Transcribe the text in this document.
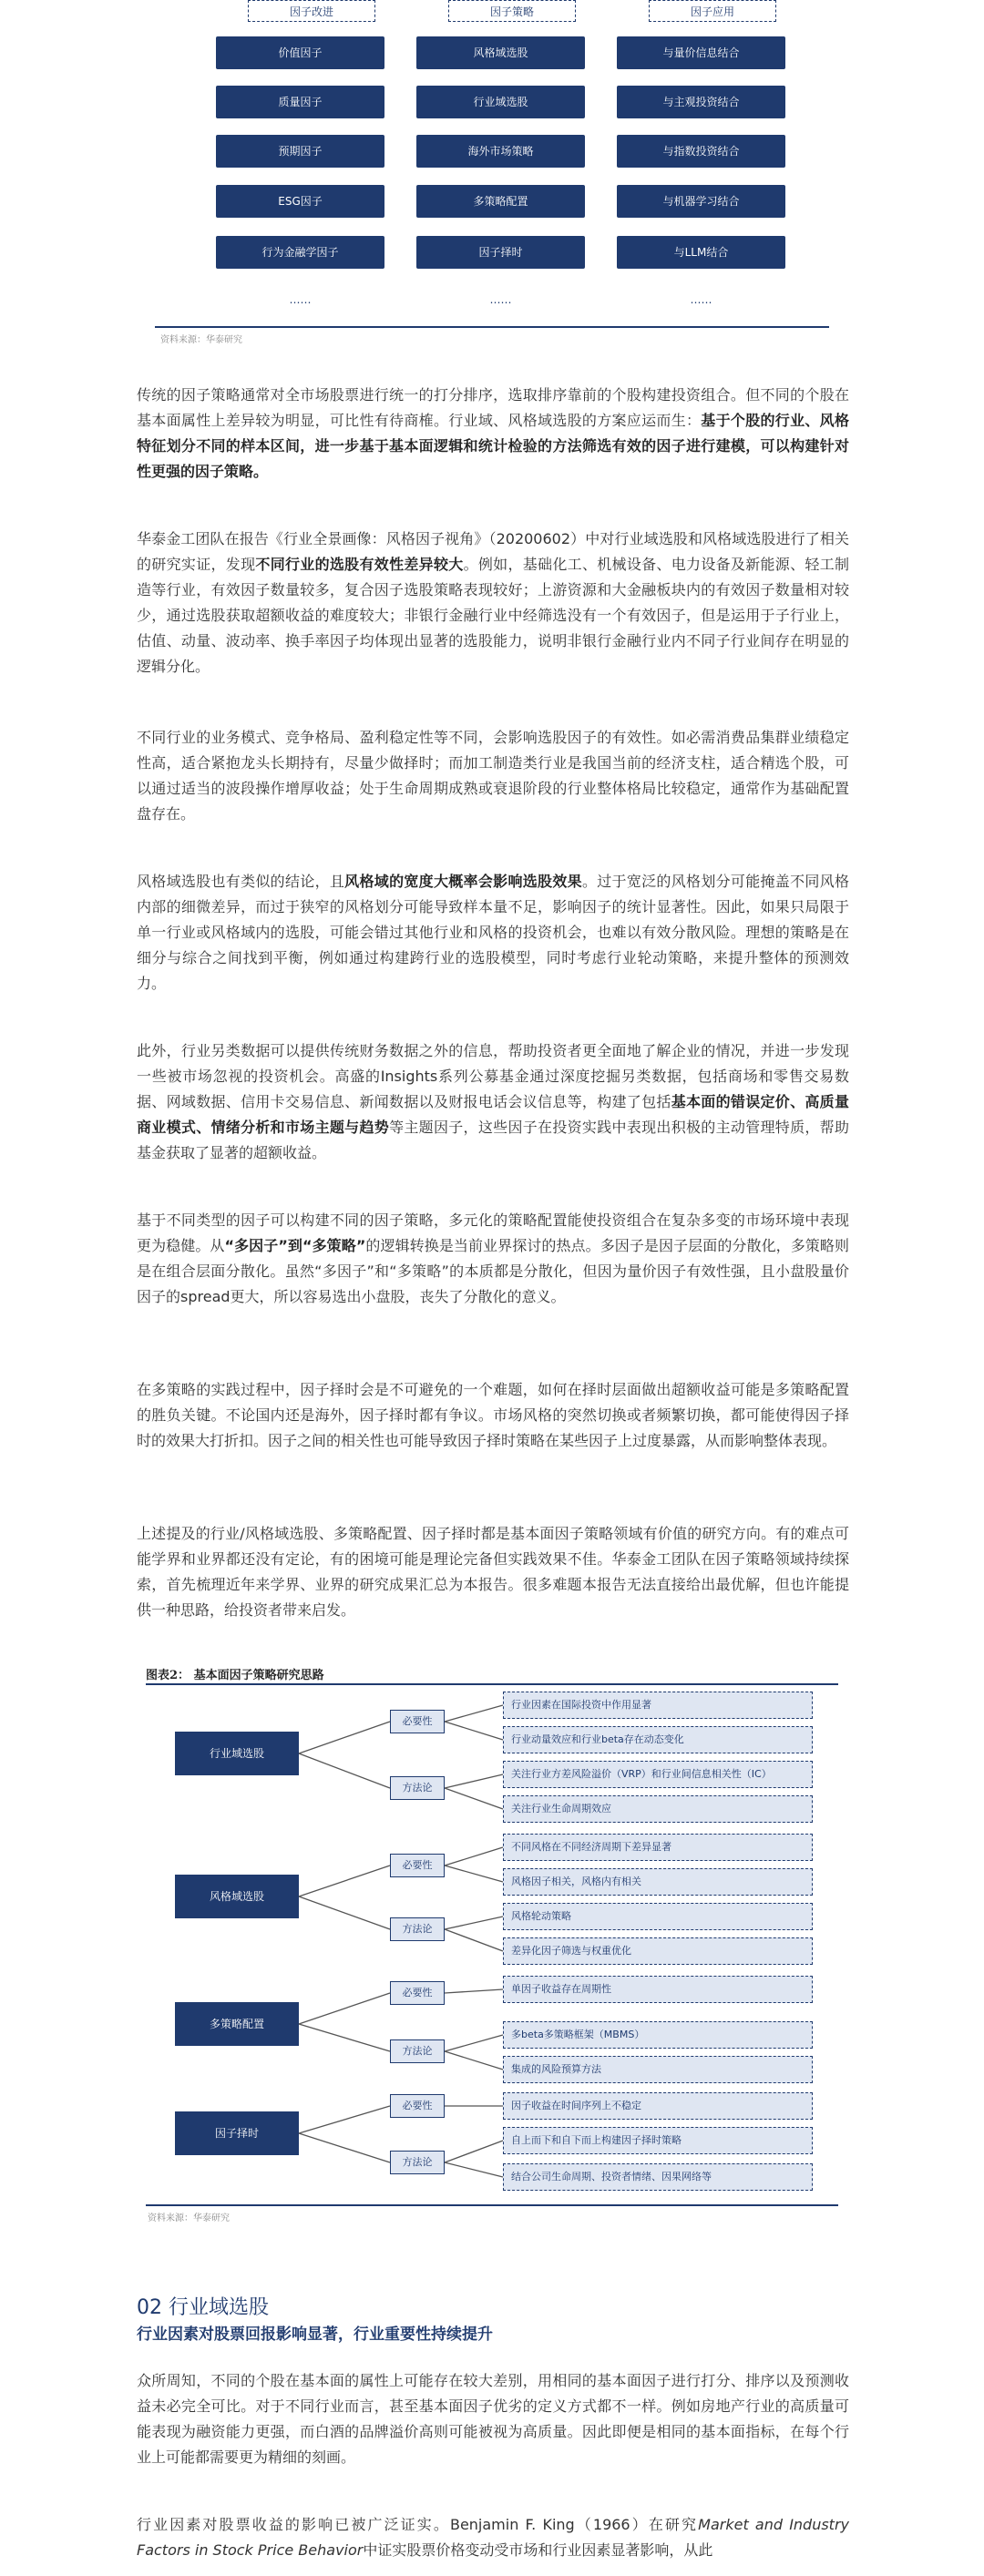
因子改进	因子策略	因子应用
价值因子
质量因子
预期因子
ESG因子
行为金融学因子
……
风格域选股
行业域选股
海外市场策略
多策略配置
因子择时
……
与量价信息结合
与主观投资结合
与指数投资结合
与机器学习结合
与LLM结合
……
资料来源：华泰研究
传统的因子策略通常对全市场股票进行统一的打分排序，选取排序靠前的个股构建投资组合。但不同的个股在基本面属性上差异较为明显，可比性有待商榷。行业域、风格域选股的方案应运而生：基于个股的行业、风格特征划分不同的样本区间，进一步基于基本面逻辑和统计检验的方法筛选有效的因子进行建模，可以构建针对性更强的因子策略。
华泰金工团队在报告《行业全景画像：风格因子视角》（20200602）中对行业域选股和风格域选股进行了相关的研究实证，发现不同行业的选股有效性差异较大。例如，基础化工、机械设备、电力设备及新能源、轻工制造等行业，有效因子数量较多，复合因子选股策略表现较好；上游资源和大金融板块内的有效因子数量相对较少，通过选股获取超额收益的难度较大；非银行金融行业中经筛选没有一个有效因子，但是运用于子行业上，估值、动量、波动率、换手率因子均体现出显著的选股能力，说明非银行金融行业内不同子行业间存在明显的逻辑分化。
不同行业的业务模式、竞争格局、盈利稳定性等不同，会影响选股因子的有效性。如必需消费品集群业绩稳定性高，适合紧抱龙头长期持有，尽量少做择时；而加工制造类行业是我国当前的经济支柱，适合精选个股，可以通过适当的波段操作增厚收益；处于生命周期成熟或衰退阶段的行业整体格局比较稳定，通常作为基础配置盘存在。
风格域选股也有类似的结论，且风格域的宽度大概率会影响选股效果。过于宽泛的风格划分可能掩盖不同风格内部的细微差异，而过于狭窄的风格划分可能导致样本量不足，影响因子的统计显著性。因此，如果只局限于单一行业或风格域内的选股，可能会错过其他行业和风格的投资机会，也难以有效分散风险。理想的策略是在细分与综合之间找到平衡，例如通过构建跨行业的选股模型，同时考虑行业轮动策略，来提升整体的预测效力。
此外，行业另类数据可以提供传统财务数据之外的信息，帮助投资者更全面地了解企业的情况，并进一步发现一些被市场忽视的投资机会。高盛的Insights系列公募基金通过深度挖掘另类数据，包括商场和零售交易数据、网域数据、信用卡交易信息、新闻数据以及财报电话会议信息等，构建了包括基本面的错误定价、高质量商业模式、情绪分析和市场主题与趋势等主题因子，这些因子在投资实践中表现出积极的主动管理特质，帮助基金获取了显著的超额收益。
基于不同类型的因子可以构建不同的因子策略，多元化的策略配置能使投资组合在复杂多变的市场环境中表现更为稳健。从“多因子”到“多策略”的逻辑转换是当前业界探讨的热点。多因子是因子层面的分散化，多策略则是在组合层面分散化。虽然“多因子”和“多策略”的本质都是分散化，但因为量价因子有效性强，且小盘股量价因子的spread更大，所以容易选出小盘股，丧失了分散化的意义。
在多策略的实践过程中，因子择时会是不可避免的一个难题，如何在择时层面做出超额收益可能是多策略配置的胜负关键。不论国内还是海外，因子择时都有争议。市场风格的突然切换或者频繁切换，都可能使得因子择时的效果大打折扣。因子之间的相关性也可能导致因子择时策略在某些因子上过度暴露，从而影响整体表现。
上述提及的行业/风格域选股、多策略配置、因子择时都是基本面因子策略领域有价值的研究方向。有的难点可能学界和业界都还没有定论，有的困境可能是理论完备但实践效果不佳。华泰金工团队在因子策略领域持续探索，首先梳理近年来学界、业界的研究成果汇总为本报告。很多难题本报告无法直接给出最优解，但也许能提供一种思路，给投资者带来启发。
图表2： 基本面因子策略研究思路
行业域选股
必要性
方法论
行业因素在国际投资中作用显著
行业动量效应和行业beta存在动态变化
关注行业方差风险溢价（VRP）和行业间信息相关性（IC）
关注行业生命周期效应
风格域选股
必要性
方法论
不同风格在不同经济周期下差异显著
风格因子相关，风格内有相关
风格轮动策略
差异化因子筛选与权重优化
多策略配置
必要性
方法论
单因子收益存在周期性
多beta多策略框架（MBMS）
集成的风险预算方法
因子择时
必要性
方法论
因子收益在时间序列上不稳定
自上而下和自下而上构建因子择时策略
结合公司生命周期、投资者情绪、因果网络等
资料来源：华泰研究
02 行业域选股
行业因素对股票回报影响显著，行业重要性持续提升
众所周知，不同的个股在基本面的属性上可能存在较大差别，用相同的基本面因子进行打分、排序以及预测收益未必完全可比。对于不同行业而言，甚至基本面因子优劣的定义方式都不一样。例如房地产行业的高质量可能表现为融资能力更强，而白酒的品牌溢价高则可能被视为高质量。因此即便是相同的基本面指标，在每个行业上可能都需要更为精细的刻画。
行业因素对股票收益的影响已被广泛证实。Benjamin F. King（1966）在研究Market and Industry Factors in Stock Price Behavior中证实股票价格变动受市场和行业因素显著影响，从此
